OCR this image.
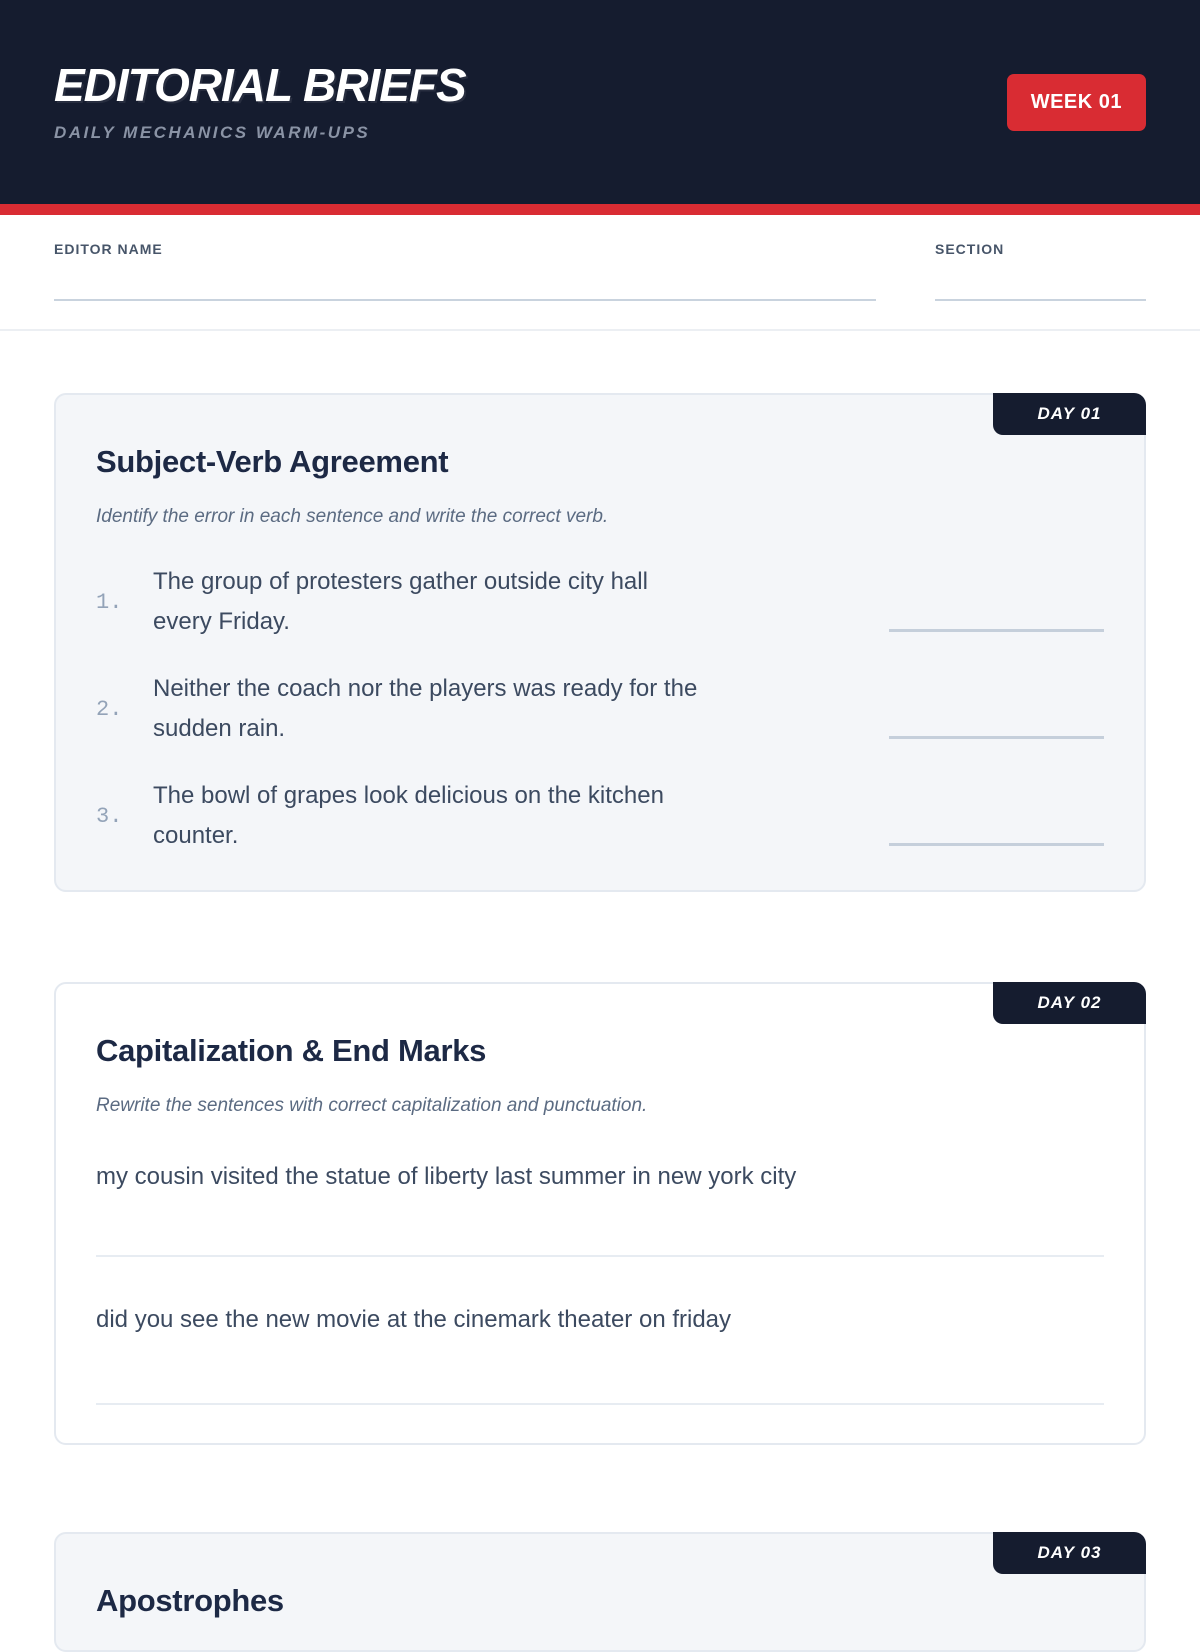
EDITORIAL BRIEFS
DAILY MECHANICS WARM-UPS
WEEK 01
EDITOR NAME	SECTION
DAY 01
Subject-Verb Agreement

Identify the error in each sentence and write the correct verb.

1.

The group of protesters gather outside city hall every Friday.

2.

Neither the coach nor the players was ready for the sudden rain.

3.

The bowl of grapes look delicious on the kitchen counter.

DAY 02
Capitalization & End Marks

Rewrite the sentences with correct capitalization and punctuation.

my cousin visited the statue of liberty last summer in new york city

did you see the new movie at the cinemark theater on friday

DAY 03
Apostrophes
